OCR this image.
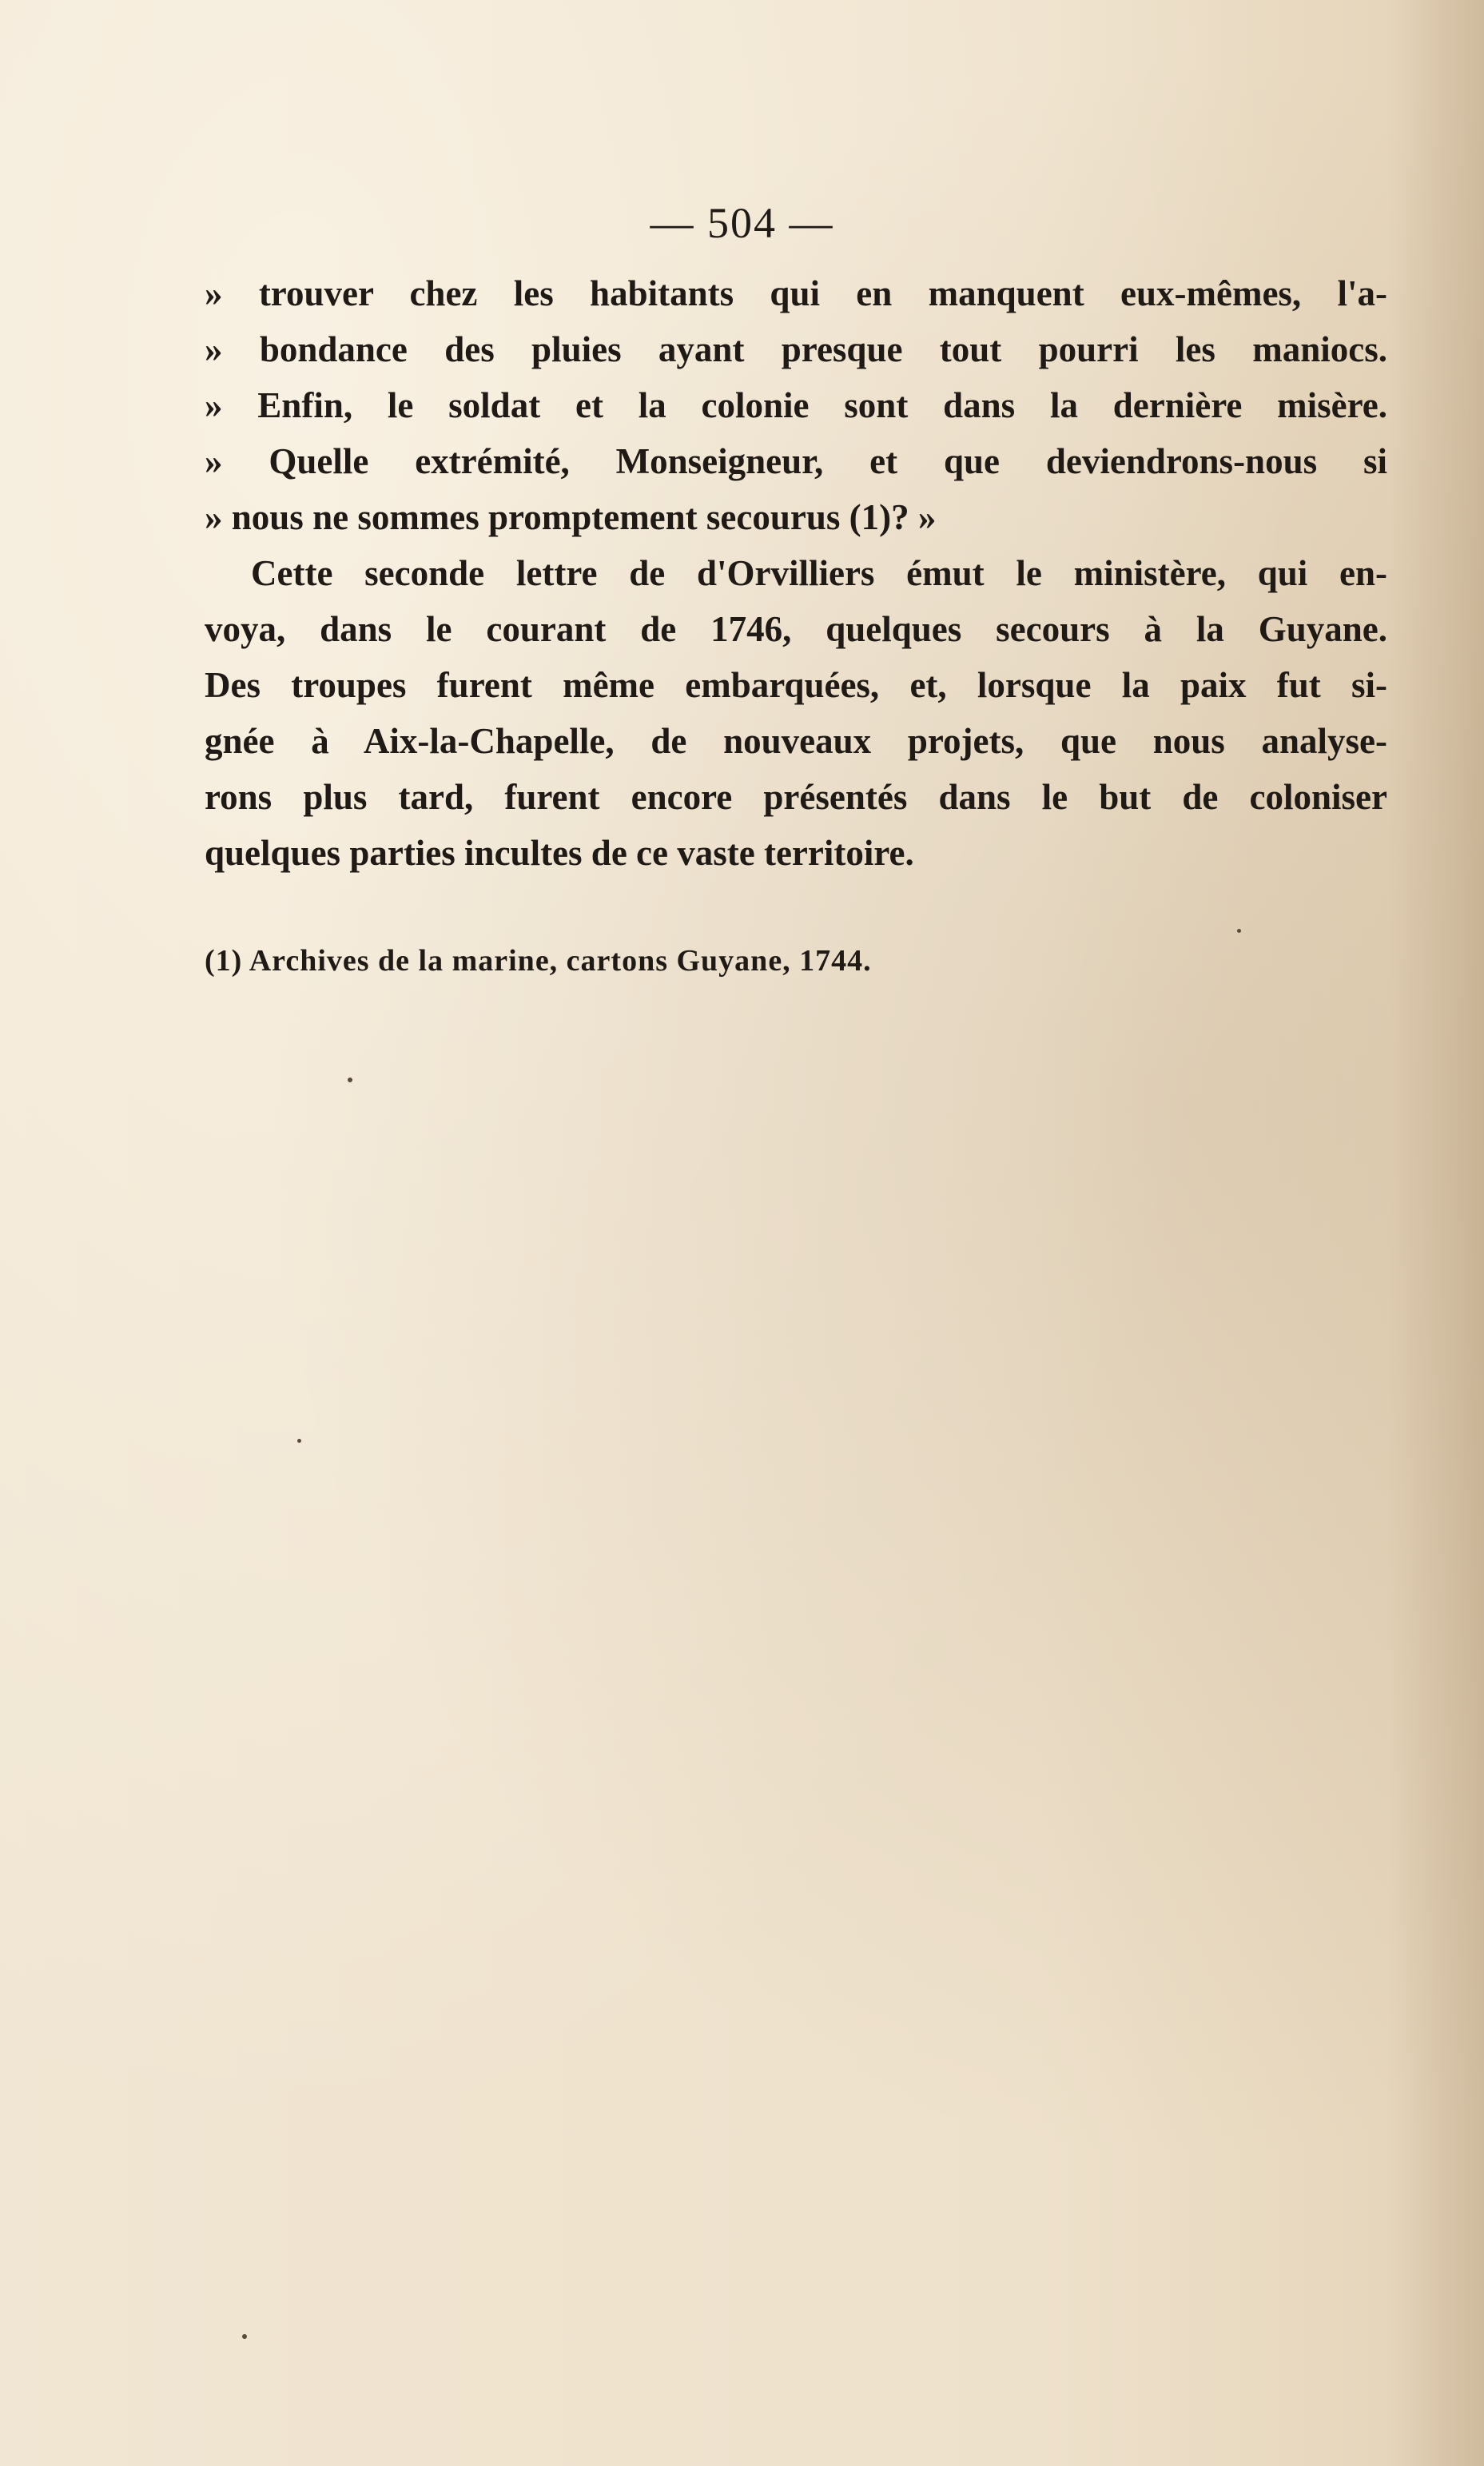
— 504 —
» trouver chez les habitants qui en manquent eux-mêmes, l'a-
» bondance des pluies ayant presque tout pourri les maniocs.
» Enfin, le soldat et la colonie sont dans la dernière misère.
» Quelle extrémité, Monseigneur, et que deviendrons-nous si
» nous ne sommes promptement secourus (1)? »
Cette seconde lettre de d'Orvilliers émut le ministère, qui en-
voya, dans le courant de 1746, quelques secours à la Guyane.
Des troupes furent même embarquées, et, lorsque la paix fut si-
gnée à Aix-la-Chapelle, de nouveaux projets, que nous analyse-
rons plus tard, furent encore présentés dans le but de coloniser
quelques parties incultes de ce vaste territoire.
(1) Archives de la marine, cartons Guyane, 1744.
